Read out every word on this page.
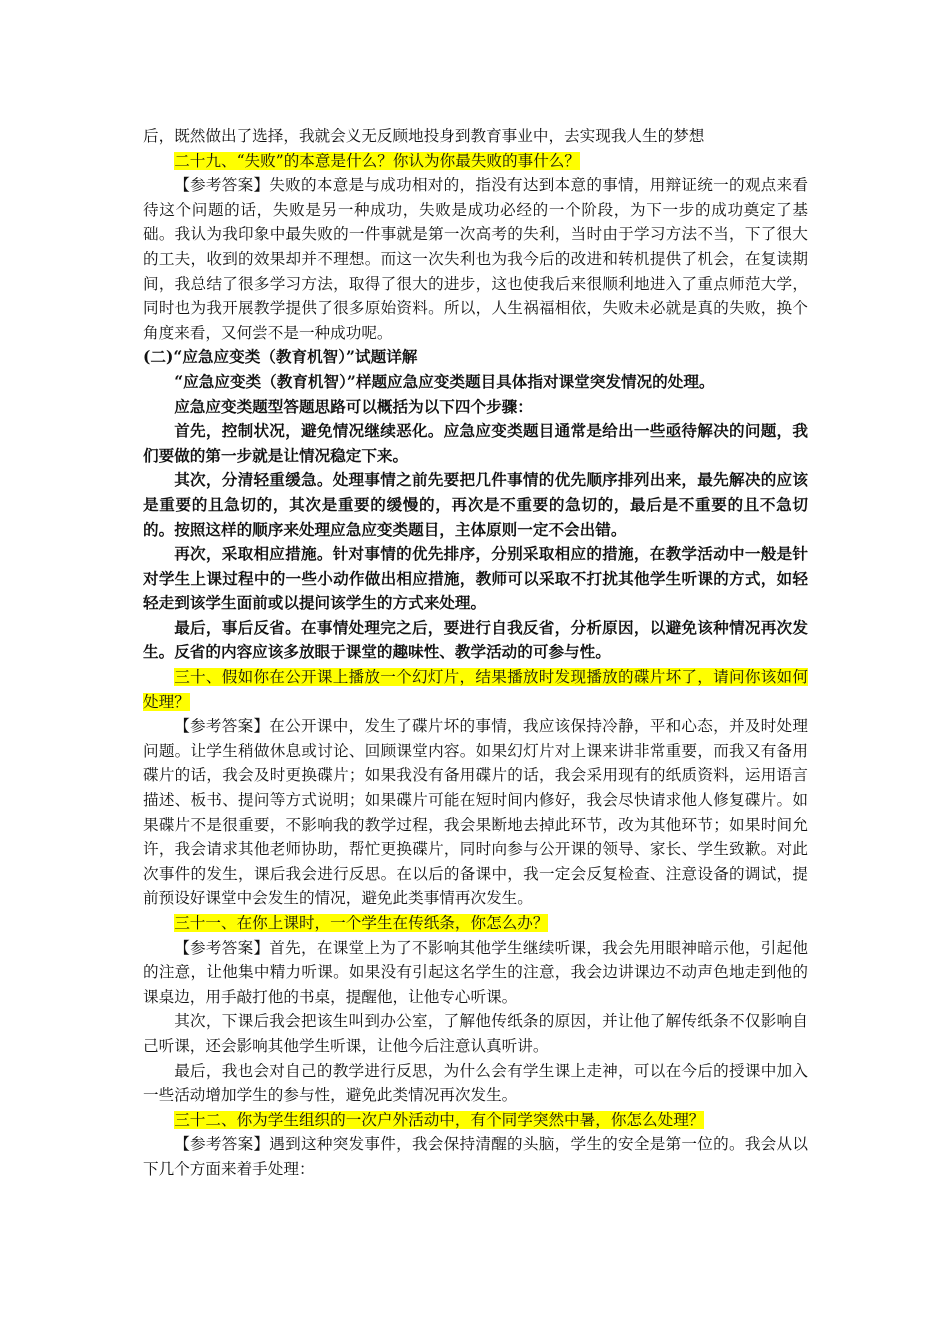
后，既然做出了选择，我就会义无反顾地投身到教育事业中，去实现我人生的梦想

二十九、“失败”的本意是什么？你认为你最失败的事什么？

【参考答案】失败的本意是与成功相对的，指没有达到本意的事情，用辩证统一的观点来看待这个问题的话，失败是另一种成功，失败是成功必经的一个阶段，为下一步的成功奠定了基础。我认为我印象中最失败的一件事就是第一次高考的失利，当时由于学习方法不当，下了很大的工夫，收到的效果却并不理想。而这一次失利也为我今后的改进和转机提供了机会，在复读期间，我总结了很多学习方法，取得了很大的进步，这也使我后来很顺利地进入了重点师范大学，同时也为我开展教学提供了很多原始资料。所以，人生祸福相依，失败未必就是真的失败，换个角度来看，又何尝不是一种成功呢。

(二)“应急应变类（教育机智）”试题详解

“应急应变类（教育机智）”样题应急应变类题目具体指对课堂突发情况的处理。

应急应变类题型答题思路可以概括为以下四个步骤：

首先，控制状况，避免情况继续恶化。应急应变类题目通常是给出一些亟待解决的问题，我们要做的第一步就是让情况稳定下来。

其次，分清轻重缓急。处理事情之前先要把几件事情的优先顺序排列出来，最先解决的应该是重要的且急切的，其次是重要的缓慢的，再次是不重要的急切的，最后是不重要的且不急切的。按照这样的顺序来处理应急应变类题目，主体原则一定不会出错。

再次，采取相应措施。针对事情的优先排序，分别采取相应的措施，在教学活动中一般是针对学生上课过程中的一些小动作做出相应措施，教师可以采取不打扰其他学生听课的方式，如轻轻走到该学生面前或以提问该学生的方式来处理。

最后，事后反省。在事情处理完之后，要进行自我反省，分析原因，以避免该种情况再次发生。反省的内容应该多放眼于课堂的趣味性、教学活动的可参与性。

三十、假如你在公开课上播放一个幻灯片，结果播放时发现播放的碟片坏了，请问你该如何处理？

【参考答案】在公开课中，发生了碟片坏的事情，我应该保持冷静，平和心态，并及时处理问题。让学生稍做休息或讨论、回顾课堂内容。如果幻灯片对上课来讲非常重要，而我又有备用碟片的话，我会及时更换碟片；如果我没有备用碟片的话，我会采用现有的纸质资料，运用语言描述、板书、提问等方式说明；如果碟片可能在短时间内修好，我会尽快请求他人修复碟片。如果碟片不是很重要，不影响我的教学过程，我会果断地去掉此环节，改为其他环节；如果时间允许，我会请求其他老师协助，帮忙更换碟片，同时向参与公开课的领导、家长、学生致歉。对此次事件的发生，课后我会进行反思。在以后的备课中，我一定会反复检查、注意设备的调试，提前预设好课堂中会发生的情况，避免此类事情再次发生。

三十一、在你上课时，一个学生在传纸条，你怎么办？

【参考答案】首先，在课堂上为了不影响其他学生继续听课，我会先用眼神暗示他，引起他的注意，让他集中精力听课。如果没有引起这名学生的注意，我会边讲课边不动声色地走到他的课桌边，用手敲打他的书桌，提醒他，让他专心听课。

其次，下课后我会把该生叫到办公室，了解他传纸条的原因，并让他了解传纸条不仅影响自己听课，还会影响其他学生听课，让他今后注意认真听讲。

最后，我也会对自己的教学进行反思，为什么会有学生课上走神，可以在今后的授课中加入一些活动增加学生的参与性，避免此类情况再次发生。

三十二、你为学生组织的一次户外活动中，有个同学突然中暑，你怎么处理？

【参考答案】遇到这种突发事件，我会保持清醒的头脑，学生的安全是第一位的。我会从以下几个方面来着手处理：
